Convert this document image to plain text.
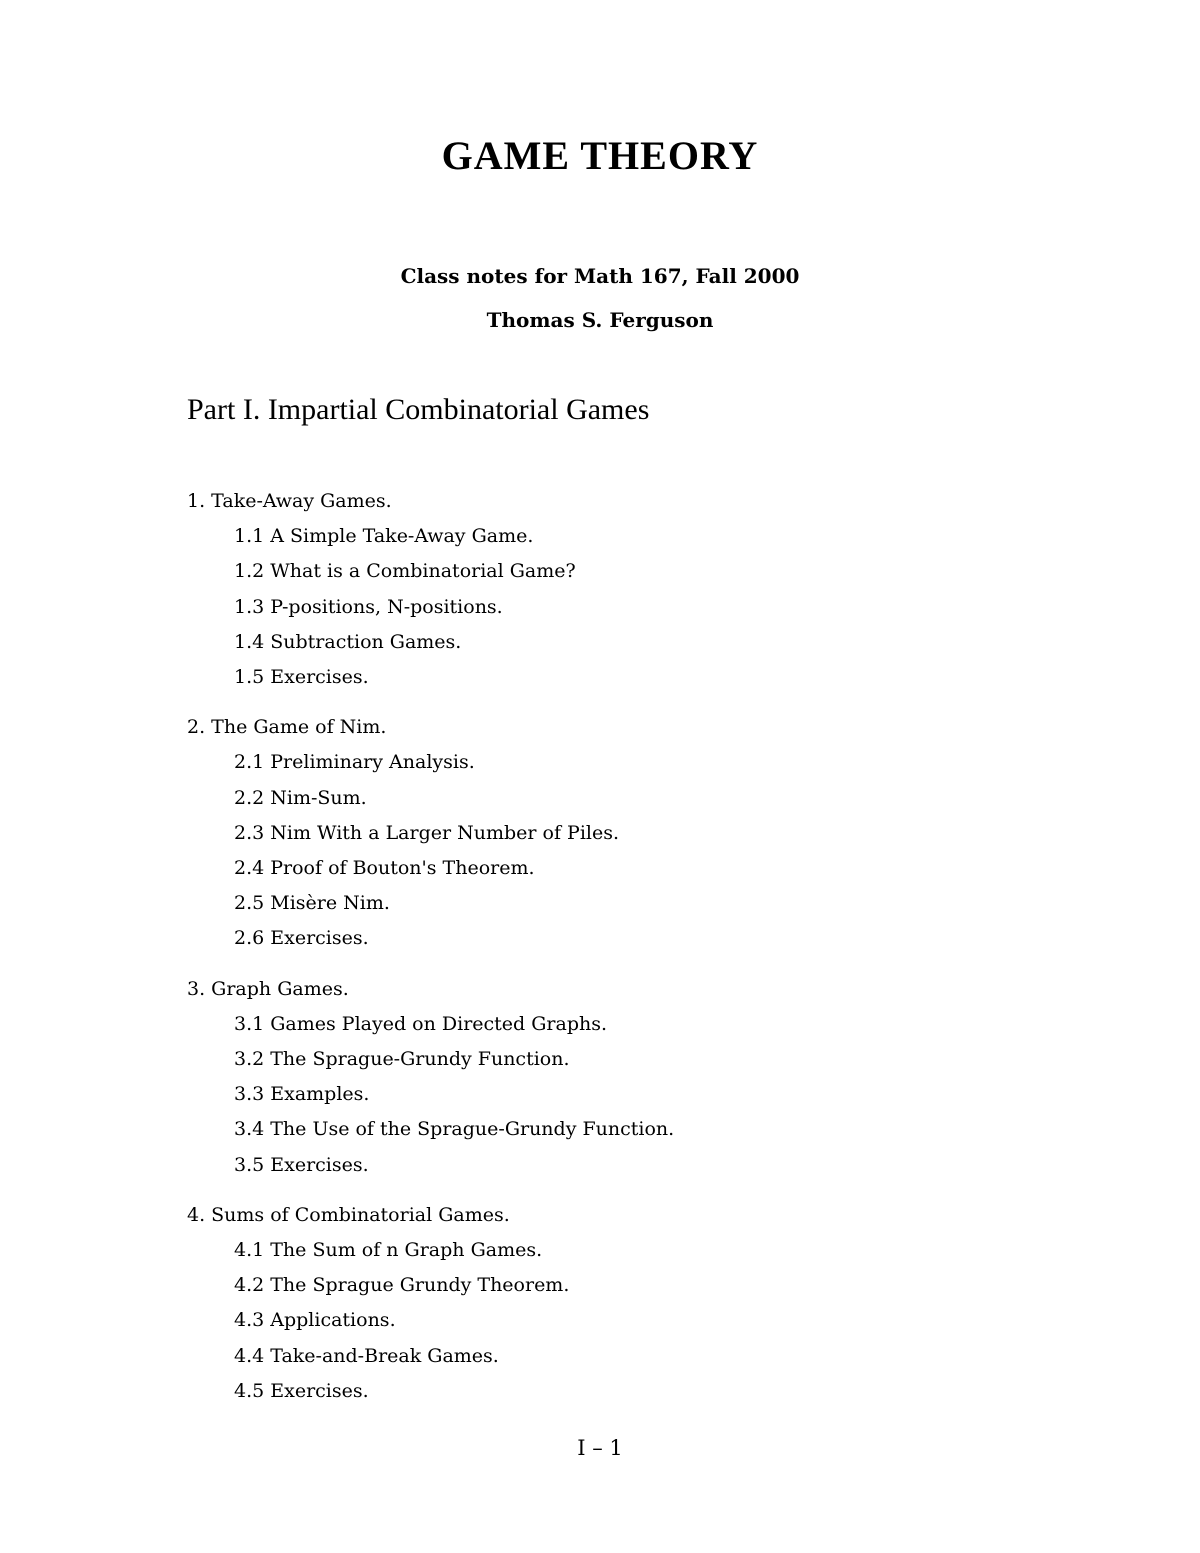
GAME THEORY
Class notes for Math 167, Fall 2000
Thomas S. Ferguson
Part I. Impartial Combinatorial Games
1. Take-Away Games.
1.1 A Simple Take-Away Game.
1.2 What is a Combinatorial Game?
1.3 P-positions, N-positions.
1.4 Subtraction Games.
1.5 Exercises.
2. The Game of Nim.
2.1 Preliminary Analysis.
2.2 Nim-Sum.
2.3 Nim With a Larger Number of Piles.
2.4 Proof of Bouton's Theorem.
2.5 Misère Nim.
2.6 Exercises.
3. Graph Games.
3.1 Games Played on Directed Graphs.
3.2 The Sprague-Grundy Function.
3.3 Examples.
3.4 The Use of the Sprague-Grundy Function.
3.5 Exercises.
4. Sums of Combinatorial Games.
4.1 The Sum of n Graph Games.
4.2 The Sprague Grundy Theorem.
4.3 Applications.
4.4 Take-and-Break Games.
4.5 Exercises.
I – 1
